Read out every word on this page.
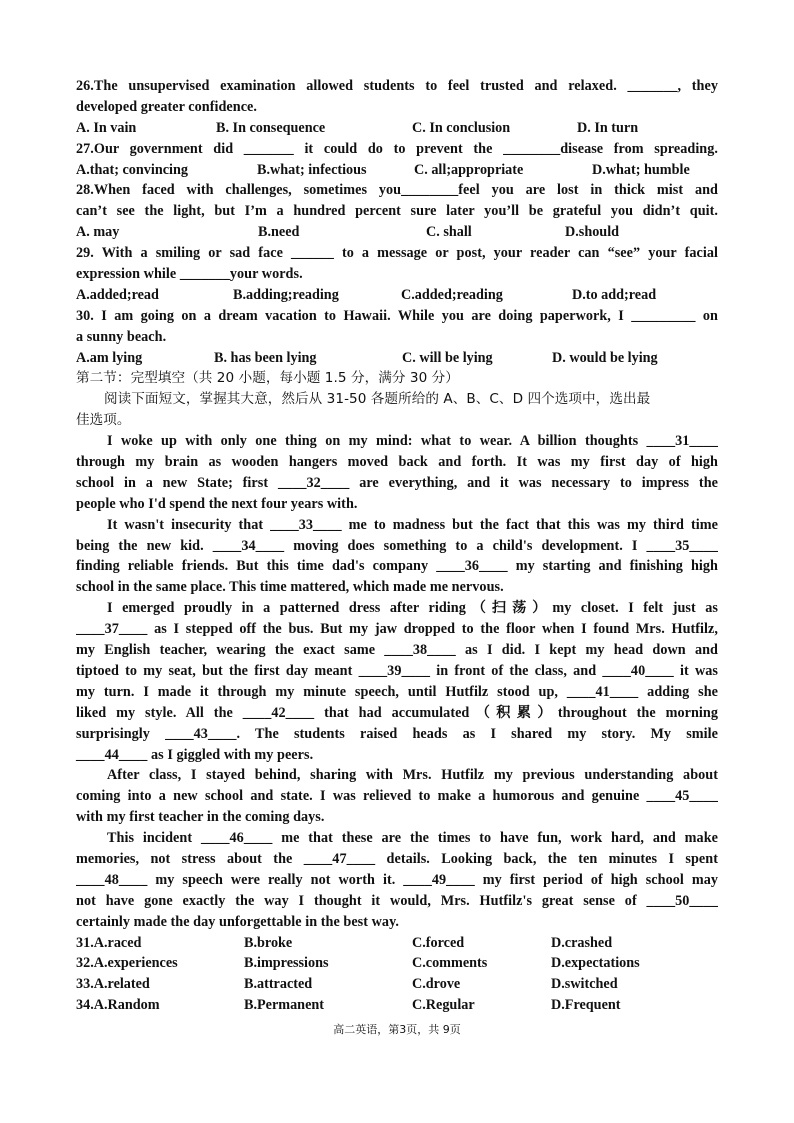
26.The unsupervised examination allowed students to feel trusted and relaxed. _______, they
developed greater confidence.
A. In vain	B. In consequence	C. In conclusion	D. In turn
27.Our government did _______ it could do to prevent the ________disease from spreading.
A.that; convincing	B.what; infectious	C. all;appropriate	D.what; humble
28.When faced with challenges, sometimes you________feel you are lost in thick mist and
can’t see the light, but I’m a hundred percent sure later you’ll be grateful you didn’t quit.
A. may	B.need	C. shall	D.should
29. With a smiling or sad face ______ to a message or post, your reader can “see” your facial
expression while _______your words.
A.added;read	B.adding;reading	C.added;reading	D.to add;read
30. I am going on a dream vacation to Hawaii. While you are doing paperwork, I _________ on
a sunny beach.
A.am lying	B. has been lying	C. will be lying	D. would be lying
第二节：完型填空（共 20 小题，每小题 1.5 分，满分 30 分）
阅读下面短文，掌握其大意，然后从 31-50 各题所给的 A、B、C、D 四个选项中，选出最
佳选项。
I woke up with only one thing on my mind: what to wear. A billion thoughts ____31____
through my brain as wooden hangers moved back and forth. It was my first day of high
school in a new State; first ____32____ are everything, and it was necessary to impress the
people who I'd spend the next four years with.
It wasn't insecurity that ____33____ me to madness but the fact that this was my third time
being the new kid. ____34____ moving does something to a child's development. I ____35____
finding reliable friends. But this time dad's company ____36____ my starting and finishing high
school in the same place. This time mattered, which made me nervous.
I emerged proudly in a patterned dress after riding（扫荡）my closet. I felt just as
____37____ as I stepped off the bus. But my jaw dropped to the floor when I found Mrs. Hutfilz,
my English teacher, wearing the exact same ____38____ as I did. I kept my head down and
tiptoed to my seat, but the first day meant ____39____ in front of the class, and ____40____ it was
my turn. I made it through my minute speech, until Hutfilz stood up, ____41____ adding she
liked my style. All the ____42____ that had accumulated（积累）throughout the morning
surprisingly ____43____. The students raised heads as I shared my story. My smile
____44____ as I giggled with my peers.
After class, I stayed behind, sharing with Mrs. Hutfilz my previous understanding about
coming into a new school and state. I was relieved to make a humorous and genuine ____45____
with my first teacher in the coming days.
This incident ____46____ me that these are the times to have fun, work hard, and make
memories, not stress about the ____47____ details. Looking back, the ten minutes I spent
____48____ my speech were really not worth it. ____49____ my first period of high school may
not have gone exactly the way I thought it would, Mrs. Hutfilz's great sense of ____50____
certainly made the day unforgettable in the best way.
31.A.raced	B.broke	C.forced	D.crashed
32.A.experiences	B.impressions	C.comments	D.expectations
33.A.related	B.attracted	C.drove	D.switched
34.A.Random	B.Permanent	C.Regular	D.Frequent
高二英语，第3页，共 9页
